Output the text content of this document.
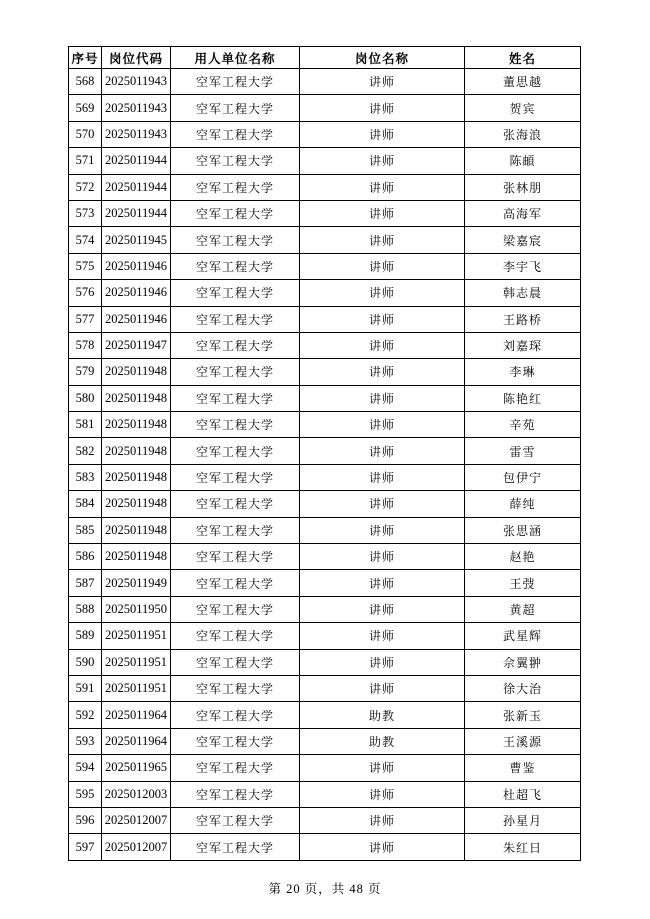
序号	岗位代码	用人单位名称	岗位名称	姓名
568	2025011943	空军工程大学	讲师	董思越
569	2025011943	空军工程大学	讲师	贺宾
570	2025011943	空军工程大学	讲师	张海浪
571	2025011944	空军工程大学	讲师	陈頔
572	2025011944	空军工程大学	讲师	张林朋
573	2025011944	空军工程大学	讲师	高海军
574	2025011945	空军工程大学	讲师	梁嘉宸
575	2025011946	空军工程大学	讲师	李宇飞
576	2025011946	空军工程大学	讲师	韩志晨
577	2025011946	空军工程大学	讲师	王路桥
578	2025011947	空军工程大学	讲师	刘嘉琛
579	2025011948	空军工程大学	讲师	李琳
580	2025011948	空军工程大学	讲师	陈艳红
581	2025011948	空军工程大学	讲师	辛苑
582	2025011948	空军工程大学	讲师	雷雪
583	2025011948	空军工程大学	讲师	包伊宁
584	2025011948	空军工程大学	讲师	薛纯
585	2025011948	空军工程大学	讲师	张思涵
586	2025011948	空军工程大学	讲师	赵艳
587	2025011949	空军工程大学	讲师	王弢
588	2025011950	空军工程大学	讲师	黄超
589	2025011951	空军工程大学	讲师	武星辉
590	2025011951	空军工程大学	讲师	佘翼翀
591	2025011951	空军工程大学	讲师	徐大治
592	2025011964	空军工程大学	助教	张新玉
593	2025011964	空军工程大学	助教	王溪源
594	2025011965	空军工程大学	讲师	曹鉴
595	2025012003	空军工程大学	讲师	杜超飞
596	2025012007	空军工程大学	讲师	孙星月
597	2025012007	空军工程大学	讲师	朱红日
第 20 页，共 48 页
